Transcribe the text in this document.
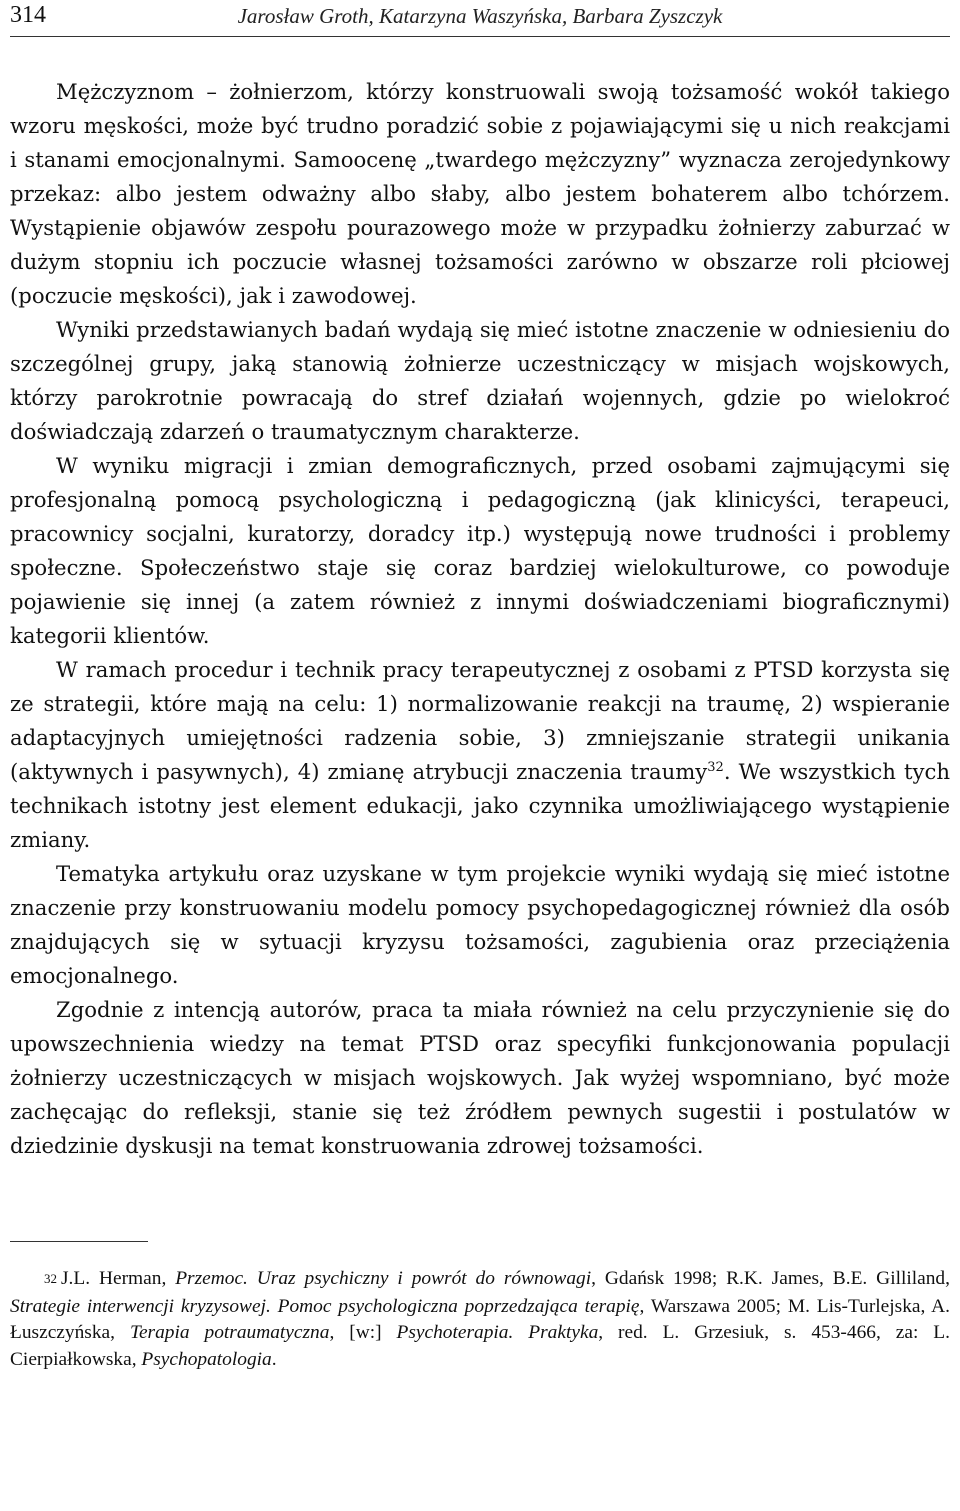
314	Jarosław Groth, Katarzyna Waszyńska, Barbara Zyszczyk

Mężczyznom – żołnierzom, którzy konstruowali swoją tożsamość wokół takiego wzoru męskości, może być trudno poradzić sobie z pojawiającymi się u nich reakcjami i stanami emocjonalnymi. Samoocenę „twardego mężczyzny” wyznacza zerojedynkowy przekaz: albo jestem odważny albo słaby, albo jestem bohaterem albo tchórzem. Wystąpienie objawów zespołu pourazowego może w przypadku żołnierzy zaburzać w dużym stopniu ich poczucie własnej tożsamości zarówno w obszarze roli płciowej (poczucie męskości), jak i zawodowej.

Wyniki przedstawianych badań wydają się mieć istotne znaczenie w odniesieniu do szczególnej grupy, jaką stanowią żołnierze uczestniczący w misjach wojskowych, którzy parokrotnie powracają do stref działań wojennych, gdzie po wielokroć doświadczają zdarzeń o traumatycznym charakterze.

W wyniku migracji i zmian demograficznych, przed osobami zajmującymi się profesjonalną pomocą psychologiczną i pedagogiczną (jak klinicyści, terapeuci, pracownicy socjalni, kuratorzy, doradcy itp.) występują nowe trudności i problemy społeczne. Społeczeństwo staje się coraz bardziej wielokulturowe, co powoduje pojawienie się innej (a zatem również z innymi doświadczeniami biograficznymi) kategorii klientów.

W ramach procedur i technik pracy terapeutycznej z osobami z PTSD korzysta się ze strategii, które mają na celu: 1) normalizowanie reakcji na traumę, 2) wspieranie adaptacyjnych umiejętności radzenia sobie, 3) zmniejszanie strategii unikania (aktywnych i pasywnych), 4) zmianę atrybucji znaczenia traumy$^{32}$. We wszystkich tych technikach istotny jest element edukacji, jako czynnika umożliwiającego wystąpienie zmiany.

Tematyka artykułu oraz uzyskane w tym projekcie wyniki wydają się mieć istotne znaczenie przy konstruowaniu modelu pomocy psychopedagogicznej również dla osób znajdujących się w sytuacji kryzysu tożsamości, zagubienia oraz przeciążenia emocjonalnego.

Zgodnie z intencją autorów, praca ta miała również na celu przyczynienie się do upowszechnienia wiedzy na temat PTSD oraz specyfiki funkcjonowania populacji żołnierzy uczestniczących w misjach wojskowych. Jak wyżej wspomniano, być może zachęcając do refleksji, stanie się też źródłem pewnych sugestii i postulatów w dziedzinie dyskusji na temat konstruowania zdrowej tożsamości.

32 J.L. Herman, Przemoc. Uraz psychiczny i powrót do równowagi, Gdańsk 1998; R.K. James, B.E. Gilliland, Strategie interwencji kryzysowej. Pomoc psychologiczna poprzedzająca terapię, Warszawa 2005; M. Lis-Turlejska, A. Łuszczyńska, Terapia potraumatyczna, [w:] Psychoterapia. Praktyka, red. L. Grzesiuk, s. 453-466, za: L. Cierpiałkowska, Psychopatologia.
